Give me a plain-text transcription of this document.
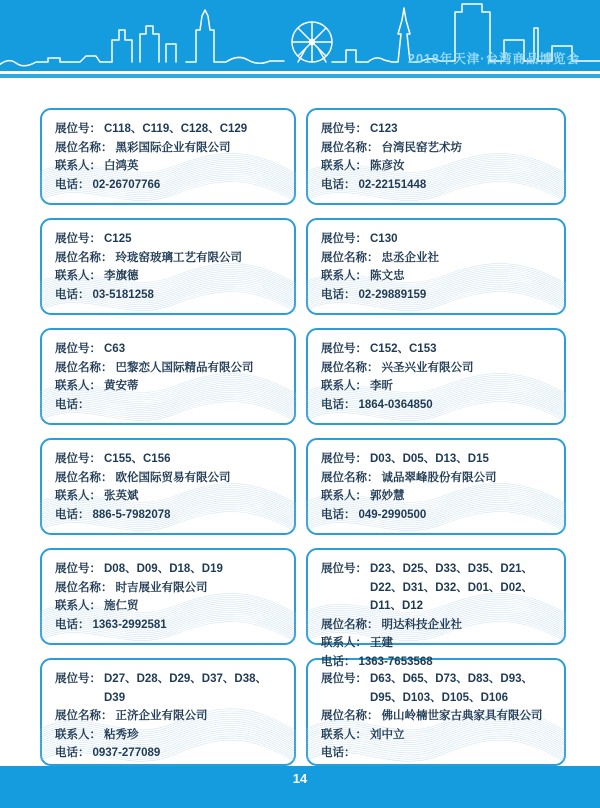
2018年天津·台湾商品博览会
展位号： C118、C119、C128、C129
展位名称： 黑彩国际企业有限公司
联系人： 白鸿英
电话： 02-26707766
展位号： C123
展位名称： 台湾民窑艺术坊
联系人： 陈彦汝
电话： 02-22151448
展位号： C125
展位名称： 玲珑窑玻璃工艺有限公司
联系人： 李旗德
电话： 03-5181258
展位号： C130
展位名称： 忠丞企业社
联系人： 陈文忠
电话： 02-29889159
展位号： C63
展位名称： 巴黎恋人国际精品有限公司
联系人： 黄安蒂
电话：
展位号： C152、C153
展位名称： 兴圣兴业有限公司
联系人： 李昕
电话： 1864-0364850
展位号： C155、C156
展位名称： 欧伦国际贸易有限公司
联系人： 张英斌
电话： 886-5-7982078
展位号： D03、D05、D13、D15
展位名称： 诚品翠峰股份有限公司
联系人： 郭妙慧
电话： 049-2990500
展位号： D08、D09、D18、D19
展位名称： 时吉展业有限公司
联系人： 施仁贸
电话： 1363-2992581
展位号： D23、D25、D33、D35、D21、D22、D31、D32、D01、D02、D11、D12
展位名称： 明达科技企业社
联系人： 王建
电话： 1363-7653568
展位号： D27、D28、D29、D37、D38、D39
展位名称： 正济企业有限公司
联系人： 粘秀珍
电话： 0937-277089
展位号： D63、D65、D73、D83、D93、D95、D103、D105、D106
展位名称： 佛山岭楠世家古典家具有限公司
联系人： 刘中立
电话：
14
